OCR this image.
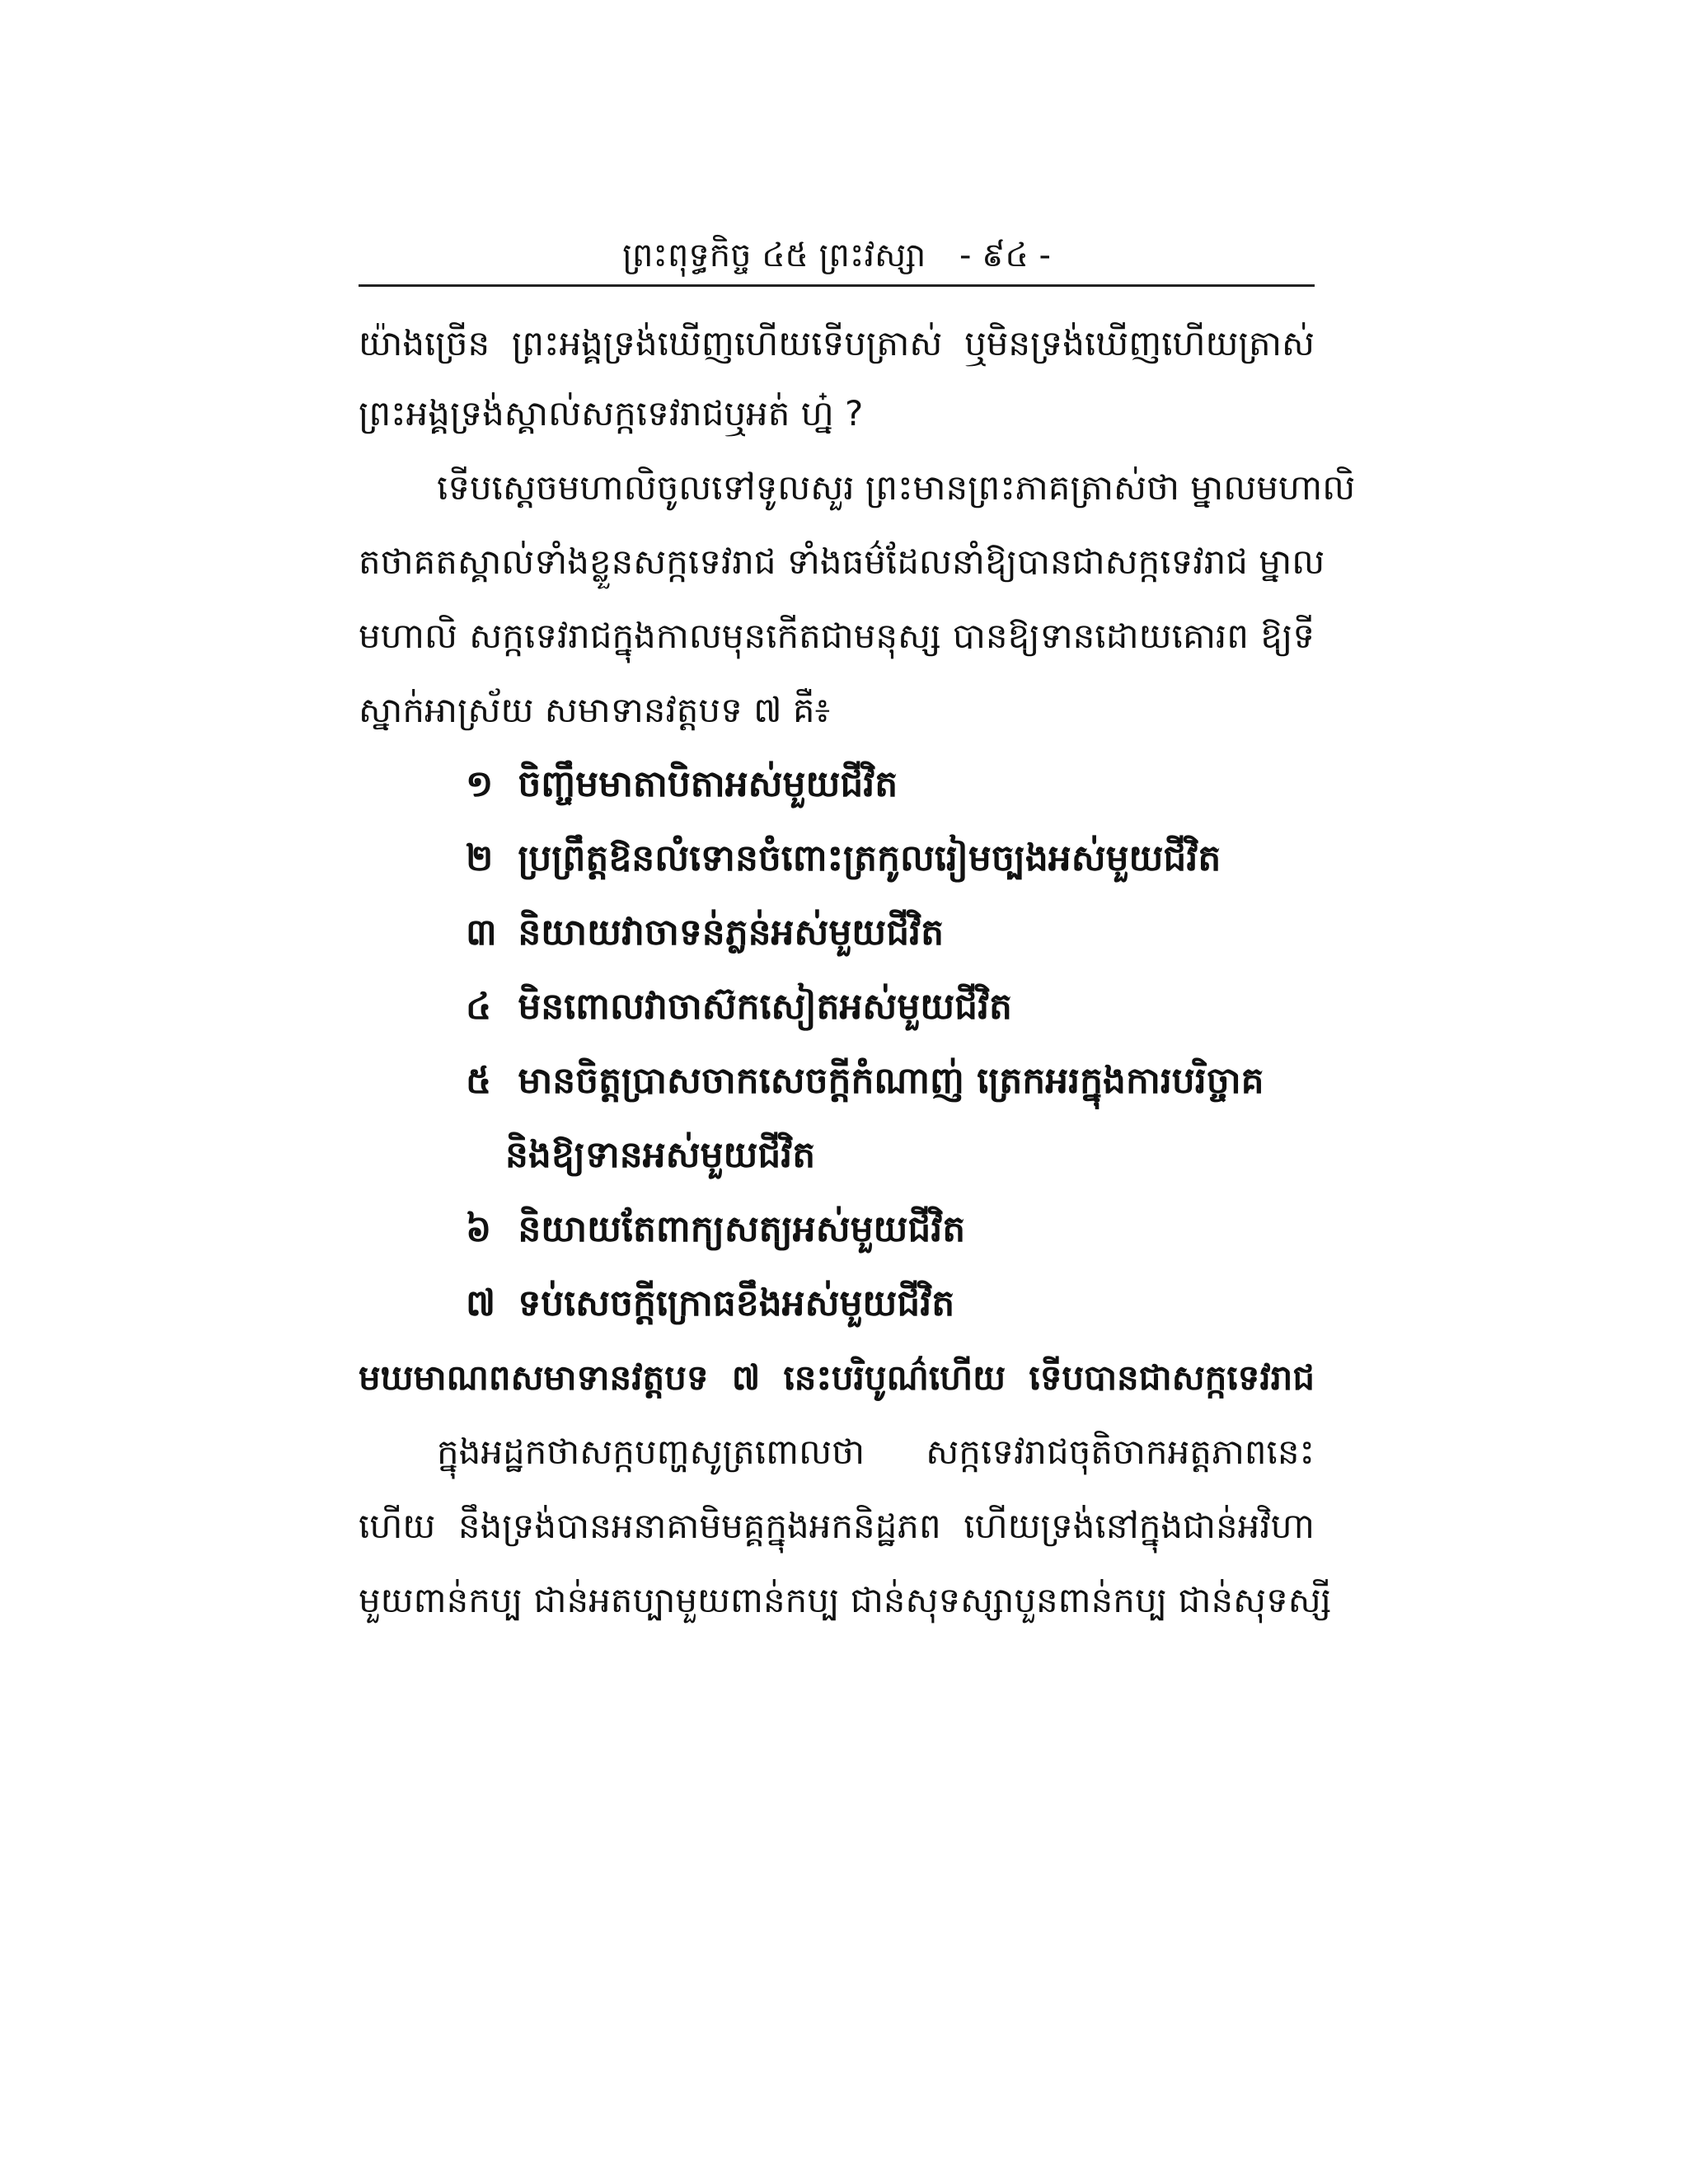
ព្រះពុទ្ធកិច្ច ៤៥ ព្រះវស្សា - ៩៤ -
យ៉ាងច្រើន ព្រះអង្គទ្រង់ឃើញហើយទើបត្រាស់ ឬមិនទ្រង់ឃើញហើយត្រាស់
ព្រះអង្គទ្រង់ស្គាល់សក្កទេវរាជឬអត់ ហ្ន៎ ?
ទើបស្ដេចមហាលិចូលទៅទូលសួរ ព្រះមានព្រះភាគត្រាស់ថា ម្នាលមហាលិ
តថាគតស្គាល់ទាំងខ្លួនសក្កទេវរាជ ទាំងធម៌ដែលនាំឱ្យបានជាសក្កទេវរាជ ម្នាល
មហាលិ សក្កទេវរាជក្នុងកាលមុនកើតជាមនុស្ស បានឱ្យទានដោយគោរព ឱ្យទី
ស្នាក់អាស្រ័យ សមាទានវត្តបទ ៧ គឺ៖
១ ចិញ្ចឹមមាតាបិតាអស់មួយជីវិត
២ ប្រព្រឹត្តឱនលំទោនចំពោះត្រកូលរៀមច្បងអស់មួយជីវិត
៣ និយាយវាចាទន់ភ្លន់អស់មួយជីវិត
៤ មិនពោលវាចាស៊កសៀតអស់មួយជីវិត
៥ មានចិត្តប្រាសចាកសេចក្ដីកំណាញ់ ត្រេកអរក្នុងការបរិច្ចាគ
និងឱ្យទានអស់មួយជីវិត
៦ និយាយតែពាក្យសត្យអស់មួយជីវិត
៧ ទប់សេចក្ដីក្រោធខឹងអស់មួយជីវិត
មឃមាណពសមាទានវត្តបទ ៧ នេះបរិបូណ៌ហើយ ទើបបានជាសក្កទេវរាជ
ក្នុងអដ្ឋកថាសក្កបញ្ហសូត្រពោលថា សក្កទេវរាជចុតិចាកអត្តភាពនេះ
ហើយ នឹងទ្រង់បានអនាគាមិមគ្គក្នុងអកនិដ្ឋភព ហើយទ្រង់នៅក្នុងជាន់អវិហា
មួយពាន់កប្ប ជាន់អតប្បាមួយពាន់កប្ប ជាន់សុទស្សាបួនពាន់កប្ប ជាន់សុទស្សី
